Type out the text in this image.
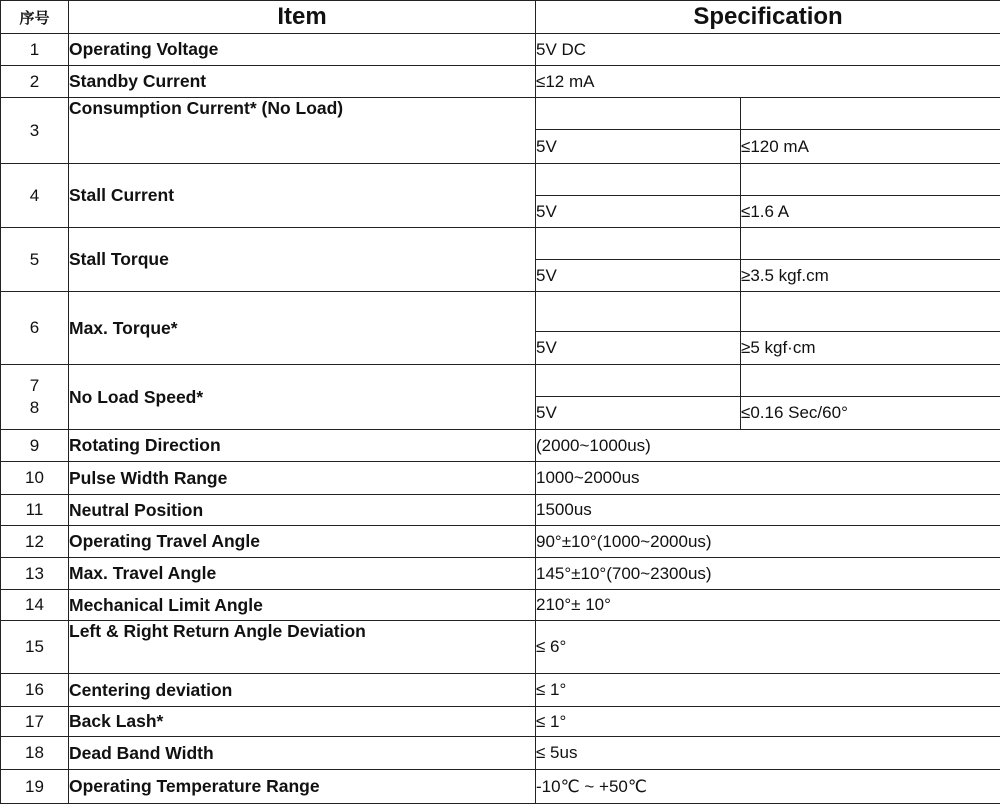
序号	Item	Specification	
1	Operating Voltage	5V DC	
2	Standby Current	≤12 mA	
3	Consumption Current* (No Load)		
		5V	≤120 mA
4	Stall Current		
		5V	≤1.6 A
5	Stall Torque		
		5V	≥3.5 kgf.cm
6	Max. Torque*		
		5V	≥5 kgf·cm

7
8	No Load Speed*		
		5V	≤0.16 Sec/60°
9	Rotating Direction	(2000~1000us)	
10	Pulse Width Range	1000~2000us	
11	Neutral Position	1500us	
12	Operating Travel Angle	90°±10°(1000~2000us)	
13	Max. Travel Angle	145°±10°(700~2300us)	
14	Mechanical Limit Angle	210°± 10°	
15	Left & Right Return Angle Deviation	≤ 6°	
16	Centering deviation	≤ 1°	
17	Back Lash*	≤ 1°	
18	Dead Band Width	≤ 5us	
19	Operating Temperature Range	-10℃ ~ +50℃	
